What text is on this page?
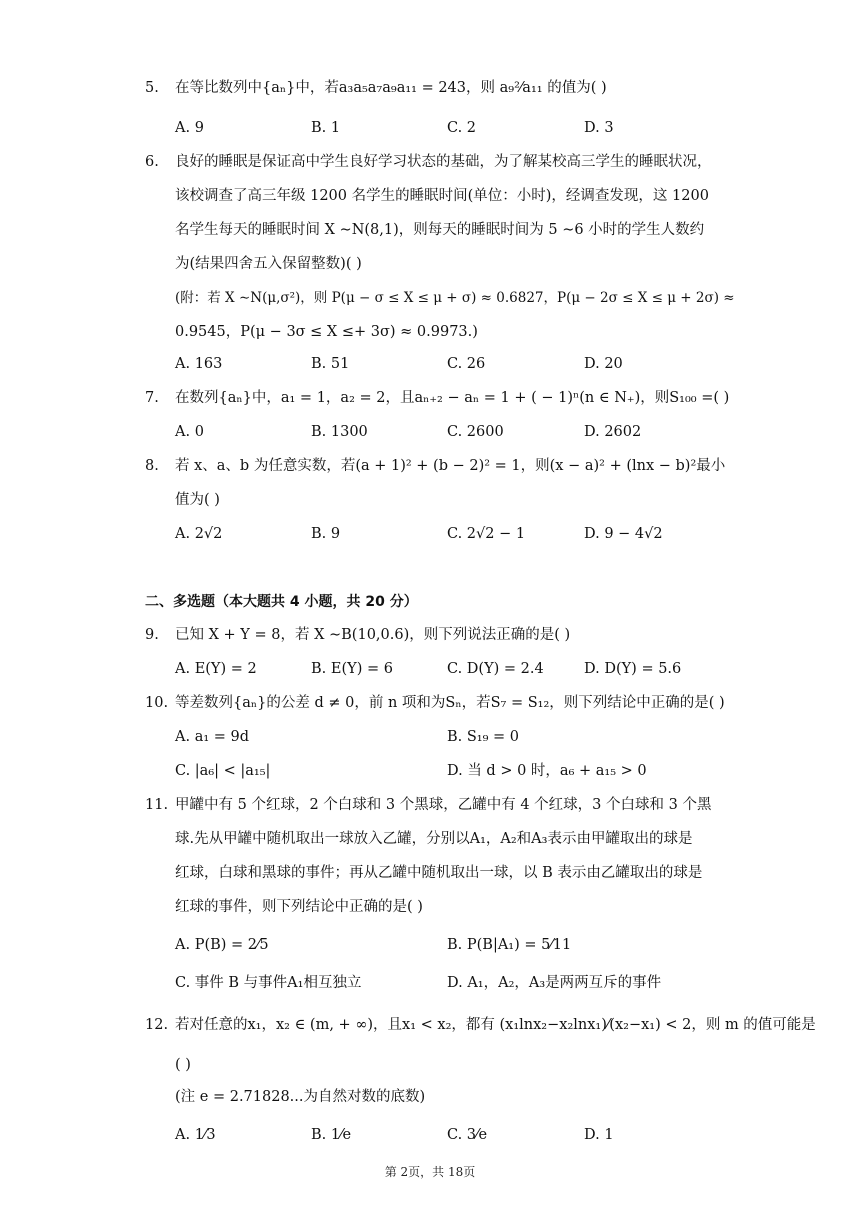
5. 在等比数列中{aₙ}中，若a₃a₅a₇a₉a₁₁ = 243，则 a₉²⁄a₁₁ 的值为( )
A. 9	B. 1	C. 2	D. 3
6. 良好的睡眠是保证高中学生良好学习状态的基础，为了解某校高三学生的睡眠状况，
该校调查了高三年级 1200 名学生的睡眠时间(单位：小时)，经调查发现，这 1200
名学生每天的睡眠时间 X ∼N(8,1)，则每天的睡眠时间为 5 ∼6 小时的学生人数约
为(结果四舍五入保留整数)( )
(附：若 X ∼N(μ,σ²)，则 P(μ − σ ≤ X ≤ μ + σ) ≈ 0.6827，P(μ − 2σ ≤ X ≤ μ + 2σ) ≈
0.9545，P(μ − 3σ ≤ X ≤+ 3σ) ≈ 0.9973.)
A. 163	B. 51	C. 26	D. 20
7. 在数列{aₙ}中，a₁ = 1，a₂ = 2，且aₙ₊₂ − aₙ = 1 + ( − 1)ⁿ(n ∈ N₊)，则S₁₀₀ =( )
A. 0	B. 1300	C. 2600	D. 2602
8. 若 x、a、b 为任意实数，若(a + 1)² + (b − 2)² = 1，则(x − a)² + (lnx − b)²最小
值为( )
A. 2√2	B. 9	C. 2√2 − 1	D. 9 − 4√2
二、多选题（本大题共 4 小题，共 20 分）
9. 已知 X + Y = 8，若 X ∼B(10,0.6)，则下列说法正确的是( )
A. E(Y) = 2	B. E(Y) = 6	C. D(Y) = 2.4	D. D(Y) = 5.6
10. 等差数列{aₙ}的公差 d ≠ 0，前 n 项和为Sₙ，若S₇ = S₁₂，则下列结论中正确的是( )
A. a₁ = 9d	B. S₁₉ = 0
C. |a₆| < |a₁₅|	D. 当 d > 0 时，a₆ + a₁₅ > 0
11. 甲罐中有 5 个红球，2 个白球和 3 个黑球，乙罐中有 4 个红球，3 个白球和 3 个黑
球.先从甲罐中随机取出一球放入乙罐，分别以A₁，A₂和A₃表示由甲罐取出的球是
红球，白球和黑球的事件；再从乙罐中随机取出一球，以 B 表示由乙罐取出的球是
红球的事件，则下列结论中正确的是( )
A. P(B) = 2⁄5	B. P(B|A₁) = 5⁄11
C. 事件 B 与事件A₁相互独立	D. A₁，A₂，A₃是两两互斥的事件
12. 若对任意的x₁，x₂ ∈ (m, + ∞)，且x₁ < x₂，都有 (x₁lnx₂−x₂lnx₁)⁄(x₂−x₁) < 2，则 m 的值可能是
( )
(注 e = 2.71828...为自然对数的底数)
A. 1⁄3	B. 1⁄e	C. 3⁄e	D. 1
第 2页，共 18页
